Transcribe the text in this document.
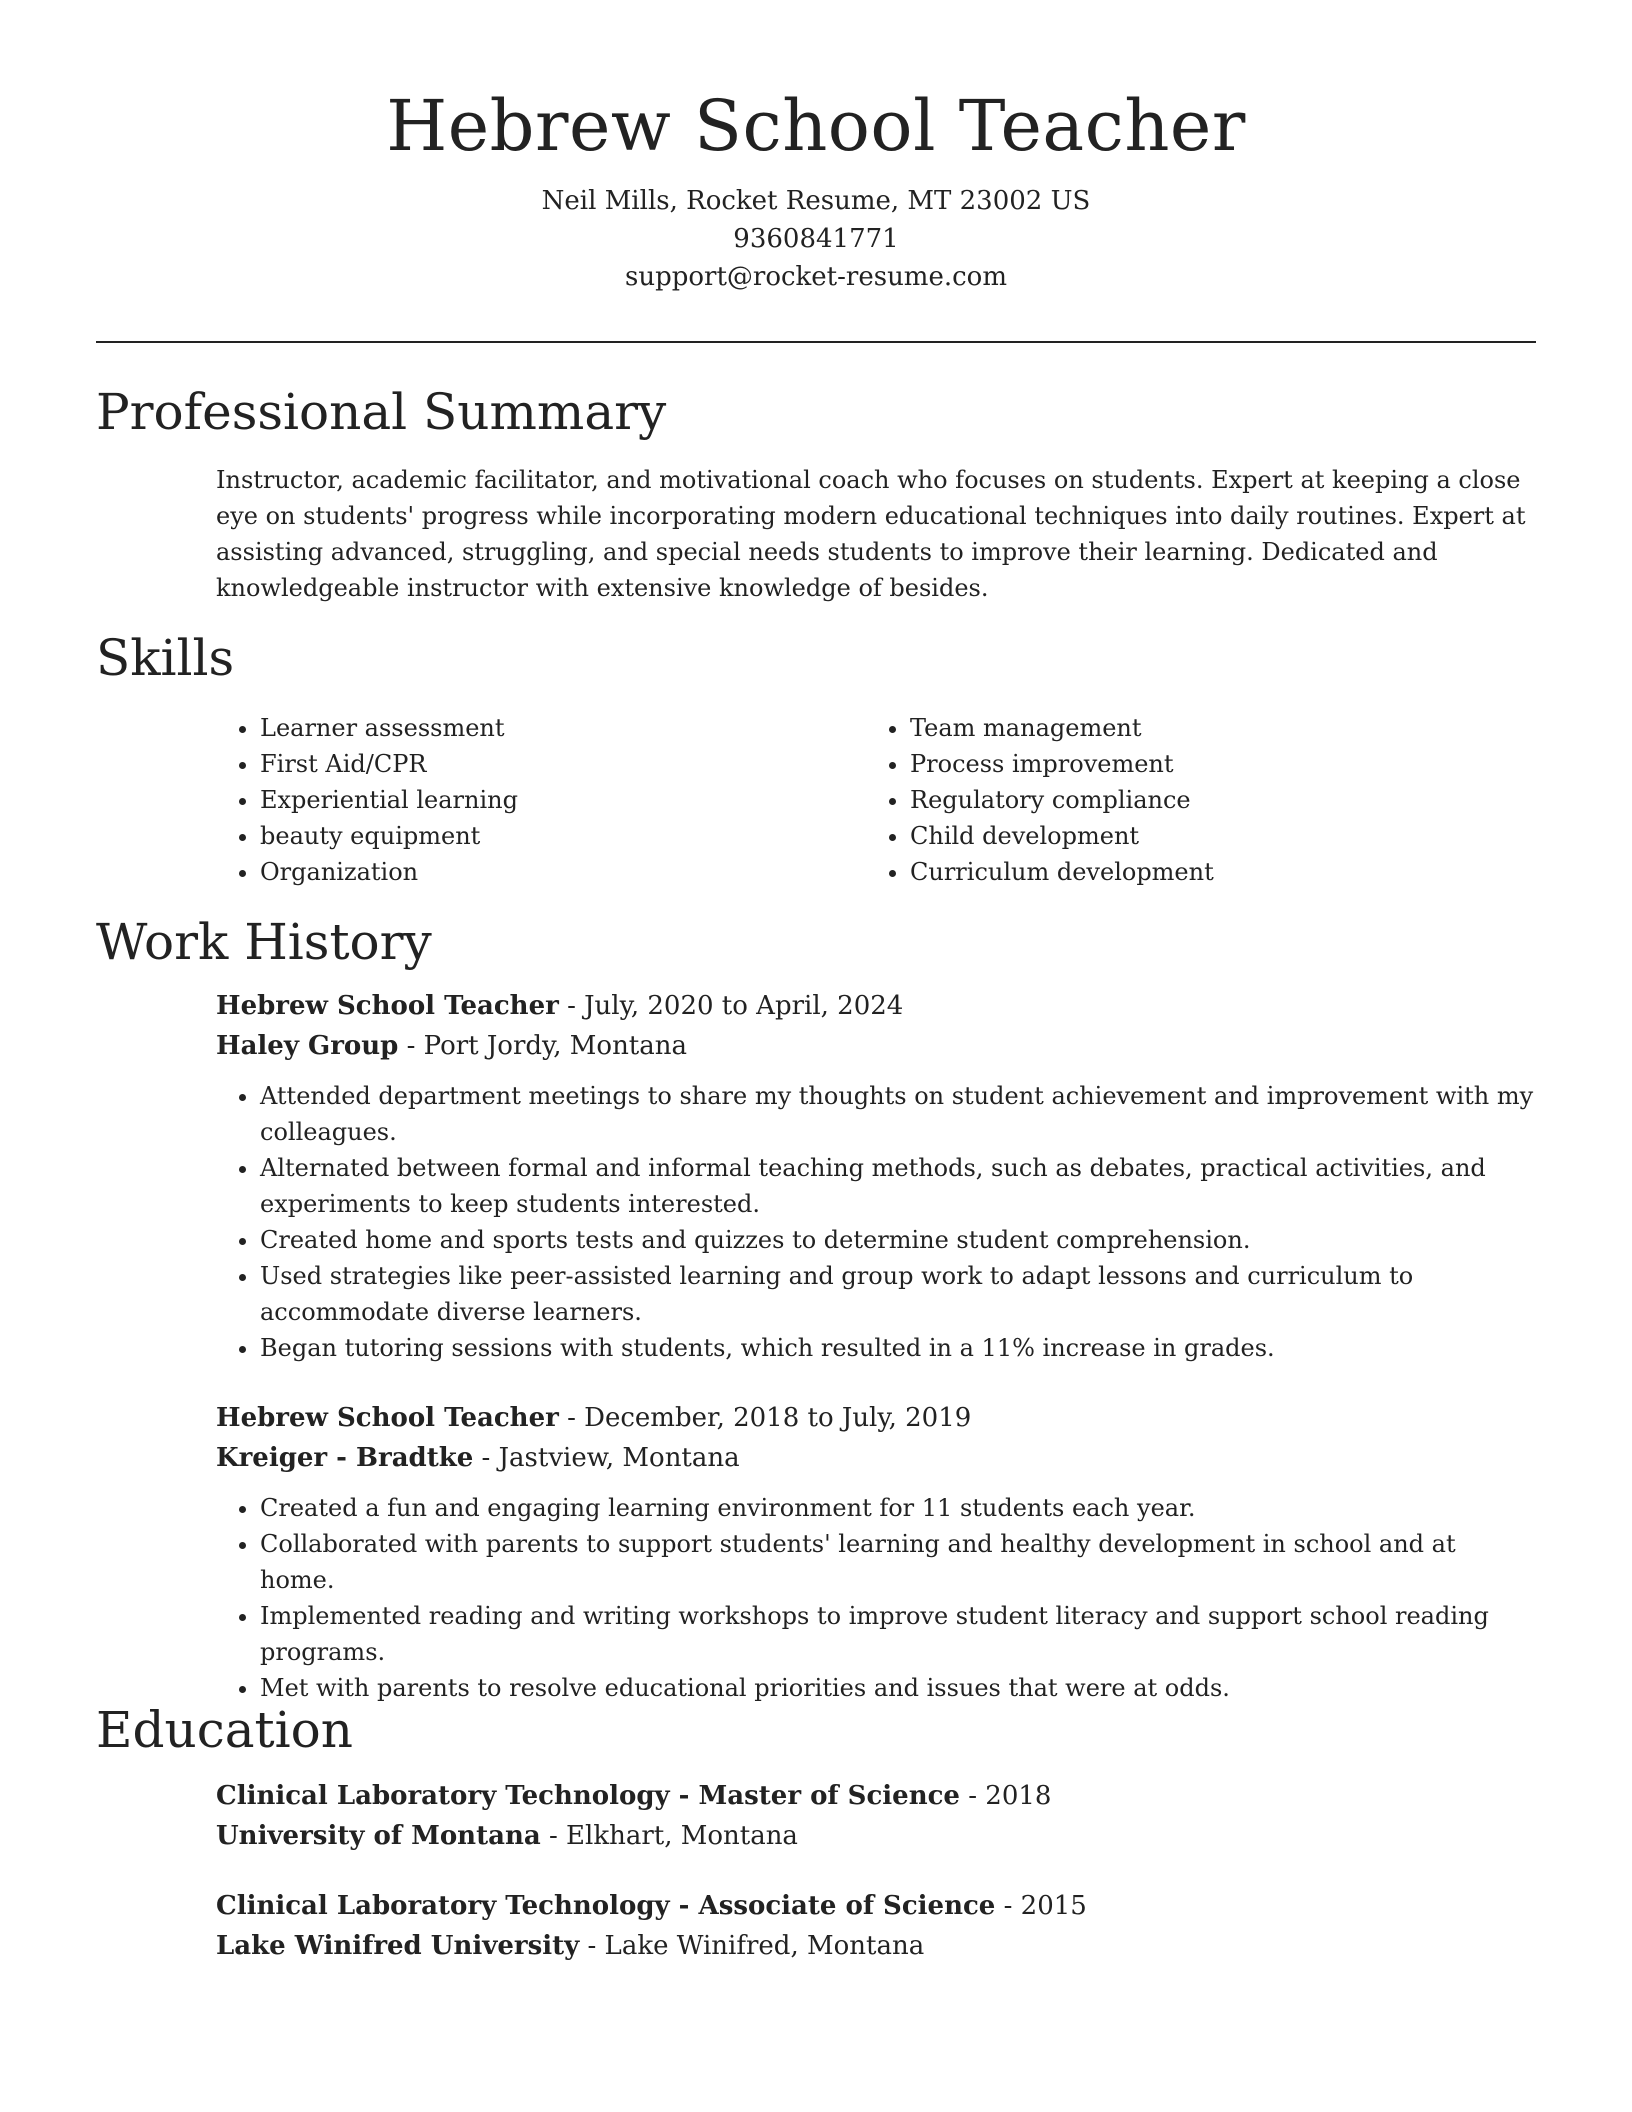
Hebrew School Teacher
Neil Mills, Rocket Resume, MT 23002 US
9360841771
support@rocket-resume.com
Professional Summary
Instructor, academic facilitator, and motivational coach who focuses on students. Expert at keeping a close eye on students' progress while incorporating modern educational techniques into daily routines. Expert at assisting advanced, struggling, and special needs students to improve their learning. Dedicated and knowledgeable instructor with extensive knowledge of besides.
Skills
• Learner assessment
• First Aid/CPR
• Experiential learning
• beauty equipment
• Organization
• Team management
• Process improvement
• Regulatory compliance
• Child development
• Curriculum development
Work History
Hebrew School Teacher - July, 2020 to April, 2024
Haley Group - Port Jordy, Montana
• Attended department meetings to share my thoughts on student achievement and improvement with my colleagues.
• Alternated between formal and informal teaching methods, such as debates, practical activities, and experiments to keep students interested.
• Created home and sports tests and quizzes to determine student comprehension.
• Used strategies like peer-assisted learning and group work to adapt lessons and curriculum to accommodate diverse learners.
• Began tutoring sessions with students, which resulted in a 11% increase in grades.
Hebrew School Teacher - December, 2018 to July, 2019
Kreiger - Bradtke - Jastview, Montana
• Created a fun and engaging learning environment for 11 students each year.
• Collaborated with parents to support students' learning and healthy development in school and at home.
• Implemented reading and writing workshops to improve student literacy and support school reading programs.
• Met with parents to resolve educational priorities and issues that were at odds.
Education
Clinical Laboratory Technology - Master of Science - 2018
University of Montana - Elkhart, Montana
Clinical Laboratory Technology - Associate of Science - 2015
Lake Winifred University - Lake Winifred, Montana
